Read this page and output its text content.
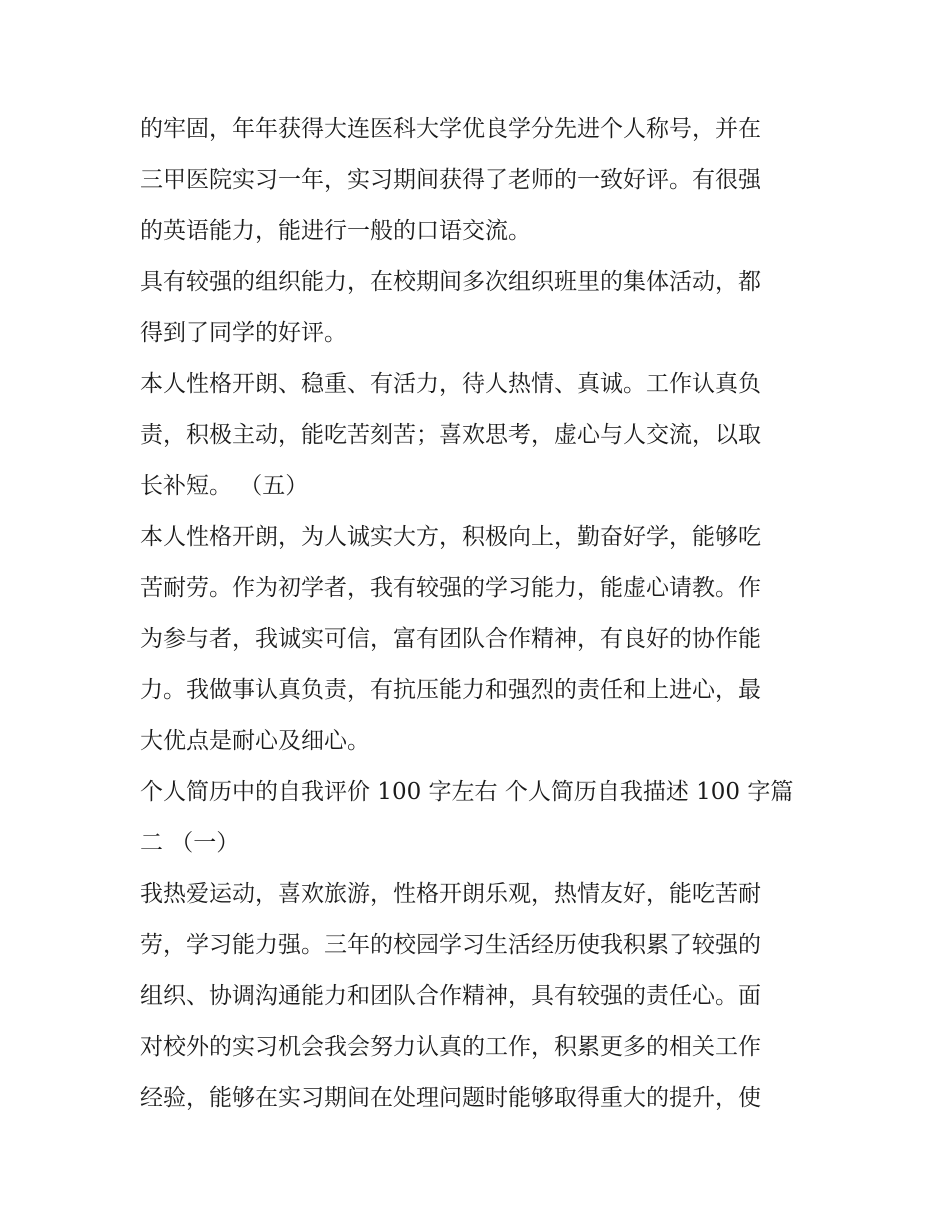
的牢固，年年获得大连医科大学优良学分先进个人称号，并在
三甲医院实习一年，实习期间获得了老师的一致好评。有很强
的英语能力，能进行一般的口语交流。
具有较强的组织能力，在校期间多次组织班里的集体活动，都
得到了同学的好评。
本人性格开朗、稳重、有活力，待人热情、真诚。工作认真负
责，积极主动，能吃苦刻苦；喜欢思考，虚心与人交流，以取
长补短。 （五）
本人性格开朗，为人诚实大方，积极向上，勤奋好学，能够吃
苦耐劳。作为初学者，我有较强的学习能力，能虚心请教。作
为参与者，我诚实可信，富有团队合作精神，有良好的协作能
力。我做事认真负责，有抗压能力和强烈的责任和上进心，最
大优点是耐心及细心。
个人简历中的自我评价 100 字左右 个人简历自我描述 100 字篇
二 （一）
我热爱运动，喜欢旅游，性格开朗乐观，热情友好，能吃苦耐
劳，学习能力强。三年的校园学习生活经历使我积累了较强的
组织、协调沟通能力和团队合作精神，具有较强的责任心。面
对校外的实习机会我会努力认真的工作，积累更多的相关工作
经验，能够在实习期间在处理问题时能够取得重大的提升，使
